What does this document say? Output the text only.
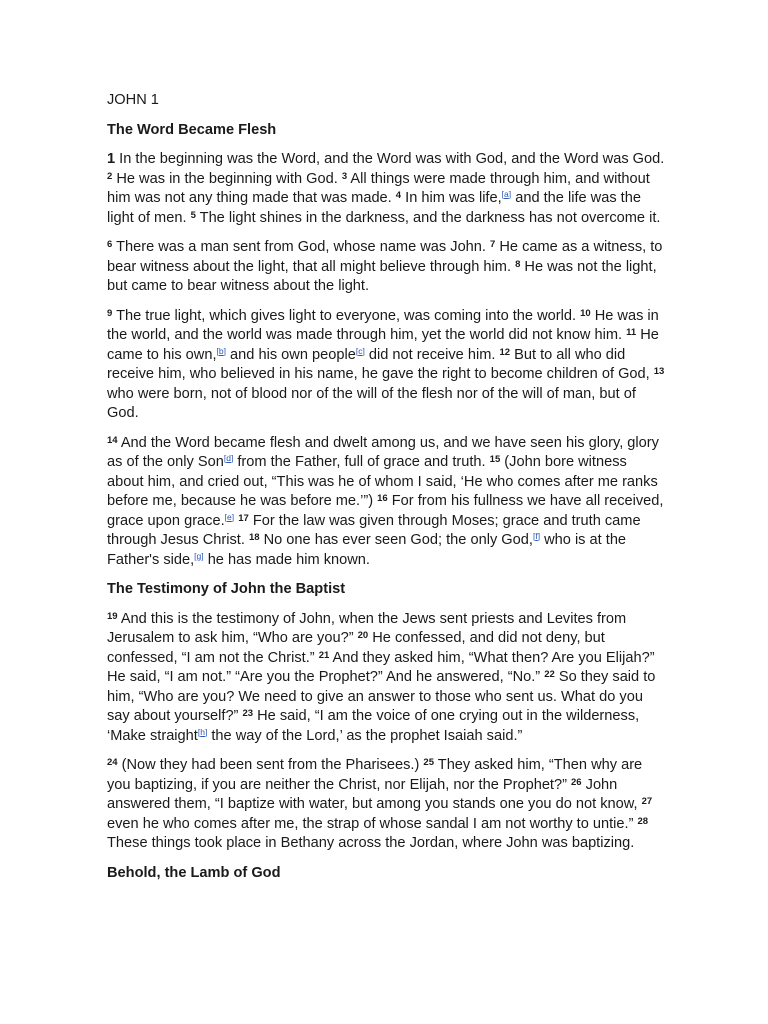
JOHN 1

The Word Became Flesh

1 In the beginning was the Word, and the Word was with God, and the Word was God. $^2$ He was in the beginning with God. $^3$ All things were made through him, and without him was not any thing made that was made. $^4$ In him was life,[a] and the life was the light of men. $^5$ The light shines in the darkness, and the darkness has not overcome it.

$^6$ There was a man sent from God, whose name was John. $^7$ He came as a witness, to bear witness about the light, that all might believe through him. $^8$ He was not the light, but came to bear witness about the light.

$^9$ The true light, which gives light to everyone, was coming into the world. $^{10}$ He was in the world, and the world was made through him, yet the world did not know him. $^{11}$ He came to his own,[b] and his own people[c] did not receive him. $^{12}$ But to all who did receive him, who believed in his name, he gave the right to become children of God, $^{13}$ who were born, not of blood nor of the will of the flesh nor of the will of man, but of God.

$^{14}$ And the Word became flesh and dwelt among us, and we have seen his glory, glory as of the only Son[d] from the Father, full of grace and truth. $^{15}$ (John bore witness about him, and cried out, “This was he of whom I said, ‘He who comes after me ranks before me, because he was before me.’”) $^{16}$ For from his fullness we have all received, grace upon grace.[e] $^{17}$ For the law was given through Moses; grace and truth came through Jesus Christ. $^{18}$ No one has ever seen God; the only God,[f] who is at the Father's side,[g] he has made him known.

The Testimony of John the Baptist

$^{19}$ And this is the testimony of John, when the Jews sent priests and Levites from Jerusalem to ask him, “Who are you?” $^{20}$ He confessed, and did not deny, but confessed, “I am not the Christ.” $^{21}$ And they asked him, “What then? Are you Elijah?” He said, “I am not.” “Are you the Prophet?” And he answered, “No.” $^{22}$ So they said to him, “Who are you? We need to give an answer to those who sent us. What do you say about yourself?” $^{23}$ He said, “I am the voice of one crying out in the wilderness, ‘Make straight[h] the way of the Lord,’ as the prophet Isaiah said.”

$^{24}$ (Now they had been sent from the Pharisees.) $^{25}$ They asked him, “Then why are you baptizing, if you are neither the Christ, nor Elijah, nor the Prophet?” $^{26}$ John answered them, “I baptize with water, but among you stands one you do not know, $^{27}$ even he who comes after me, the strap of whose sandal I am not worthy to untie.” $^{28}$ These things took place in Bethany across the Jordan, where John was baptizing.

Behold, the Lamb of God
